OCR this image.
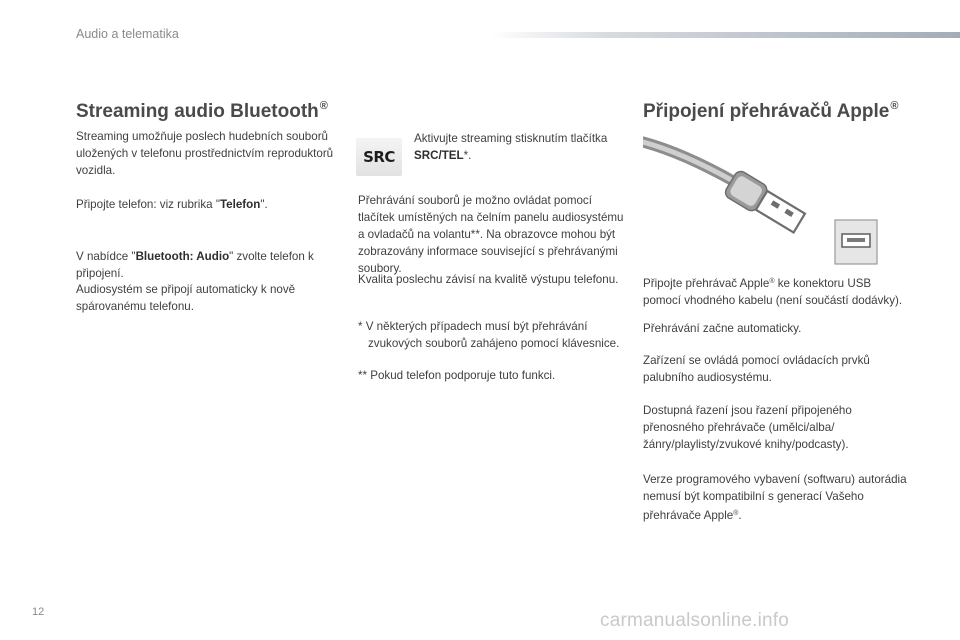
Audio a telematika
Streaming audio Bluetooth®

Streaming umožňuje poslech hudebních souborů uložených v telefonu prostřednictvím reproduktorů vozidla.

Připojte telefon: viz rubrika "Telefon".

V nabídce "Bluetooth: Audio" zvolte telefon k připojení.

Audiosystém se připojí automaticky k nově spárovanému telefonu.

SRC

Aktivujte streaming stisknutím tlačítka SRC/TEL*.

Přehrávání souborů je možno ovládat pomocí tlačítek umístěných na čelním panelu audiosystému a ovladačů na volantu**. Na obrazovce mohou být zobrazovány informace související s přehrávanými soubory.

Kvalita poslechu závisí na kvalitě výstupu telefonu.

* V některých případech musí být přehrávání zvukových souborů zahájeno pomocí klávesnice.

** Pokud telefon podporuje tuto funkci.

Připojení přehrávačů Apple®

Připojte přehrávač Apple® ke konektoru USB pomocí vhodného kabelu (není součástí dodávky).

Přehrávání začne automaticky.

Zařízení se ovládá pomocí ovládacích prvků palubního audiosystému.

Dostupná řazení jsou řazení připojeného přenosného přehrávače (umělci/alba/žánry/playlisty/zvukové knihy/podcasty).

Verze programového vybavení (softwaru) autorádia nemusí být kompatibilní s generací Vašeho přehrávače Apple®.

12	carmanualsonline.info
